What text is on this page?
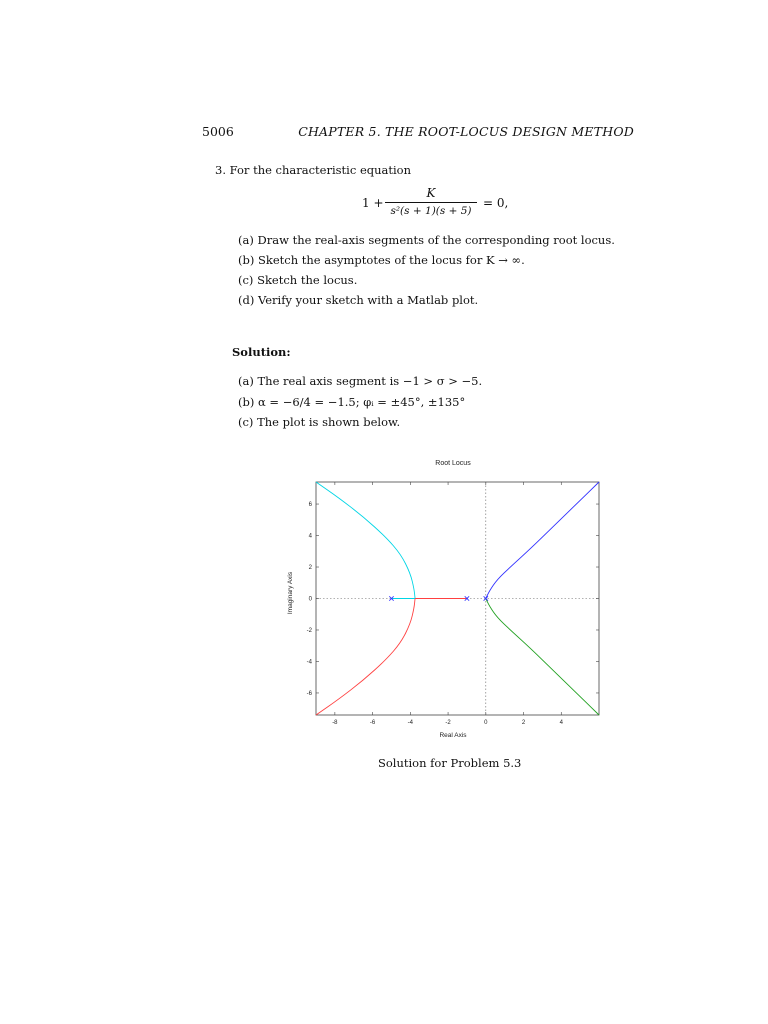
5006	CHAPTER 5. THE ROOT-LOCUS DESIGN METHOD
3. For the characteristic equation
1 +
K
s²(s + 1)(s + 5)
= 0,
(a) Draw the real-axis segments of the corresponding root locus.
(b) Sketch the asymptotes of the locus for K → ∞.
(c) Sketch the locus.
(d) Verify your sketch with a Matlab plot.
Solution:
(a) The real axis segment is −1 > σ > −5.
(b) α = −6/4 = −1.5; φᵢ = ±45°, ±135°
(c) The plot is shown below.
Root Locus
Imaginary Axis
Real Axis
-8	-6	-4	-2	0	2	4
-6
-4
-2
0
2
4
6
Solution for Problem 5.3
